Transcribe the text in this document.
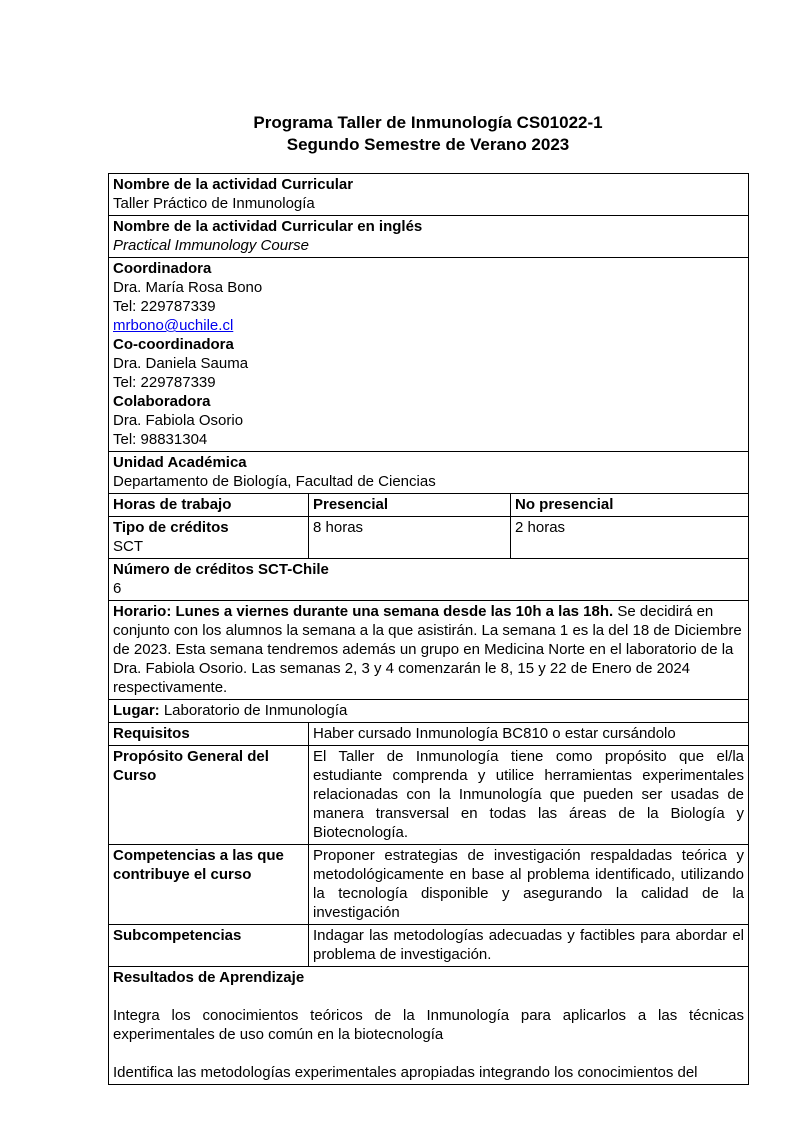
Programa Taller de Inmunología CS01022-1
Segundo Semestre de Verano 2023
Nombre de la actividad Curricular
Taller Práctico de Inmunología		

Nombre de la actividad Curricular en inglés
Practical Immunology Course		

Coordinadora
Dra. María Rosa Bono
Tel: 229787339
mrbono@uchile.cl
Co-coordinadora
Dra. Daniela Sauma
Tel: 229787339
Colaboradora
Dra. Fabiola Osorio
Tel: 98831304

Unidad Académica
Departamento de Biología, Facultad de Ciencias		

Horas de trabajo	Presencial	No presencial

Tipo de créditos
SCT	8 horas	2 horas

Número de créditos SCT-Chile
6		

Horario: Lunes a viernes durante una semana desde las 10h a las 18h. Se decidirá en conjunto con los alumnos la semana a la que asistirán. La semana 1 es la del 18 de Diciembre de 2023. Esta semana tendremos además un grupo en Medicina Norte en el laboratorio de la Dra. Fabiola Osorio. Las semanas 2, 3 y 4 comenzarán le 8, 15 y 22 de Enero de 2024 respectivamente.		
Lugar: Laboratorio de Inmunología		
Requisitos	Haber cursado Inmunología BC810 o estar cursándolo	
Propósito General del Curso	El Taller de Inmunología tiene como propósito que el/la estudiante comprenda y utilice herramientas experimentales relacionadas con la Inmunología que pueden ser usadas de manera transversal en todas las áreas de la Biología y Biotecnología.	
Competencias a las que contribuye el curso	Proponer estrategias de investigación respaldadas teórica y metodológicamente en base al problema identificado, utilizando la tecnología disponible y asegurando la calidad de la investigación	
Subcompetencias	Indagar las metodologías adecuadas y factibles para abordar el problema de investigación.	

Resultados de Aprendizaje
Integra los conocimientos teóricos de la Inmunología para aplicarlos a las técnicas experimentales de uso común en la biotecnología
Identifica las metodologías experimentales apropiadas integrando los conocimientos del		
